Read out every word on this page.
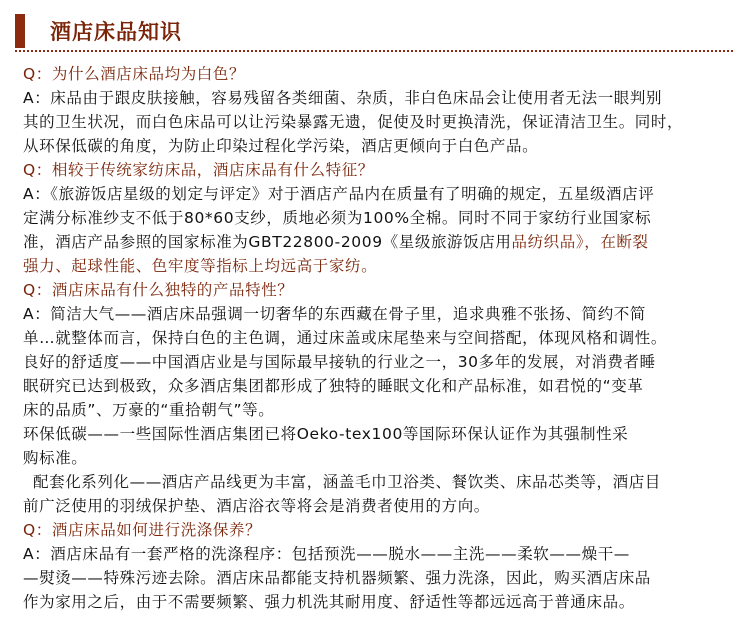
酒店床品知识
Q：为什么酒店床品均为白色？
A：床品由于跟皮肤接触，容易残留各类细菌、杂质，非白色床品会让使用者无法一眼判别
其的卫生状况，而白色床品可以让污染暴露无遗，促使及时更换清洗，保证清洁卫生。同时，
从环保低碳的角度，为防止印染过程化学污染，酒店更倾向于白色产品。
Q：相较于传统家纺床品，酒店床品有什么特征？
A：《旅游饭店星级的划定与评定》对于酒店产品内在质量有了明确的规定，五星级酒店评
定满分标准纱支不低于80*60支纱，质地必须为100%全棉。同时不同于家纺行业国家标
准，酒店产品参照的国家标准为GBT22800-2009《星级旅游饭店用品纺织品》，在断裂
强力、起球性能、色牢度等指标上均远高于家纺。
Q：酒店床品有什么独特的产品特性？
A：简洁大气——酒店床品强调一切奢华的东西藏在骨子里，追求典雅不张扬、简约不简
单…就整体而言，保持白色的主色调，通过床盖或床尾垫来与空间搭配，体现风格和调性。
良好的舒适度——中国酒店业是与国际最早接轨的行业之一，30多年的发展，对消费者睡
眠研究已达到极致，众多酒店集团都形成了独特的睡眠文化和产品标准，如君悦的“变革
床的品质”、万豪的“重拾朝气”等。
环保低碳——一些国际性酒店集团已将Oeko-tex100等国际环保认证作为其强制性采
购标准。
配套化系列化——酒店产品线更为丰富，涵盖毛巾卫浴类、餐饮类、床品芯类等，酒店目
前广泛使用的羽绒保护垫、酒店浴衣等将会是消费者使用的方向。
Q：酒店床品如何进行洗涤保养？
A：酒店床品有一套严格的洗涤程序：包括预洗——脱水——主洗——柔软——燥干—
—熨烫——特殊污迹去除。酒店床品都能支持机器频繁、强力洗涤，因此，购买酒店床品
作为家用之后，由于不需要频繁、强力机洗其耐用度、舒适性等都远远高于普通床品。
